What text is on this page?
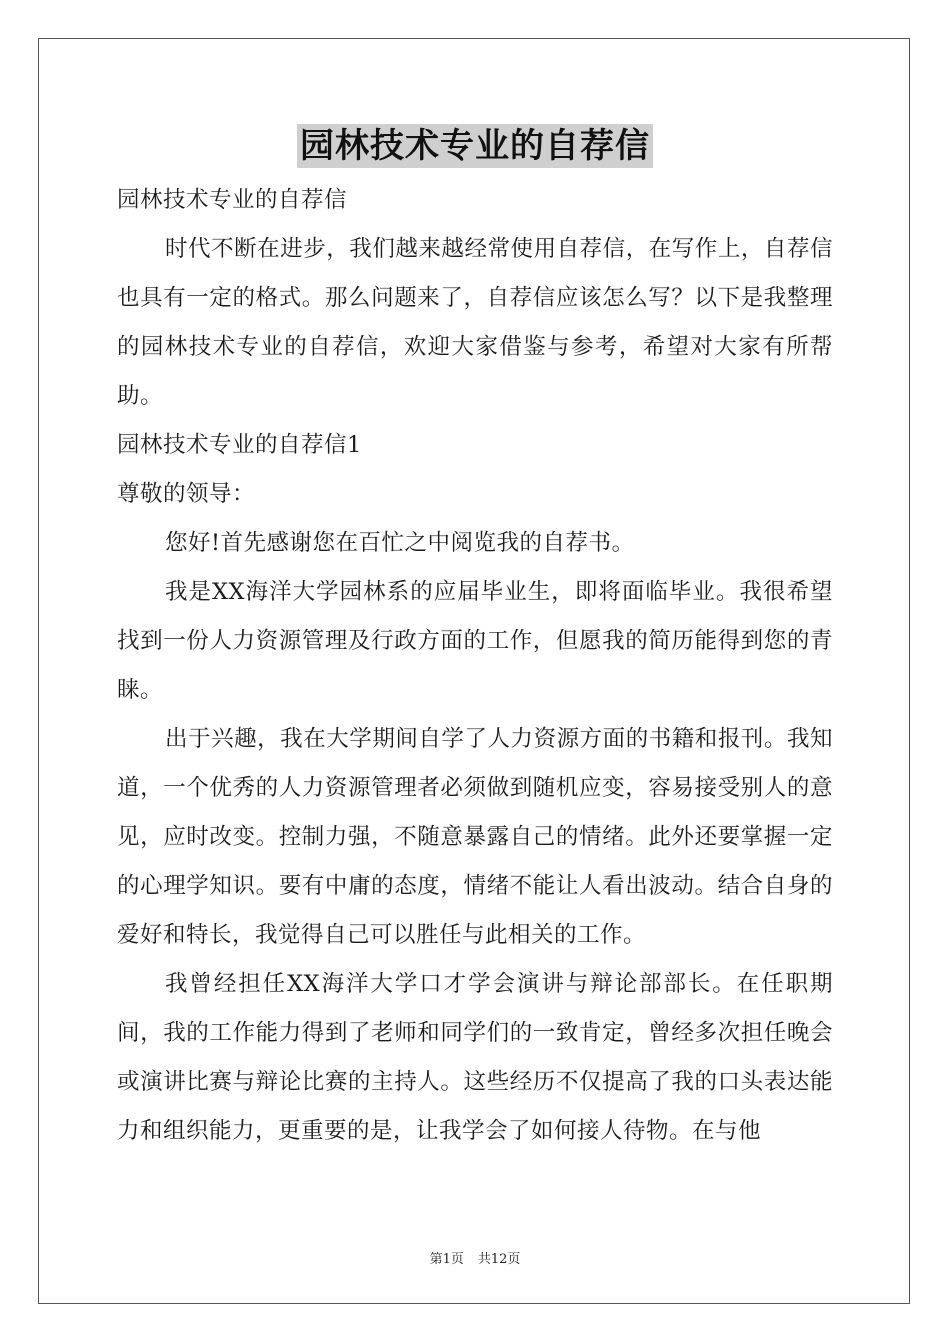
园林技术专业的自荐信

园林技术专业的自荐信

时代不断在进步，我们越来越经常使用自荐信，在写作上，自荐信也具有一定的格式。那么问题来了，自荐信应该怎么写？以下是我整理的园林技术专业的自荐信，欢迎大家借鉴与参考，希望对大家有所帮助。

园林技术专业的自荐信1

尊敬的领导：

您好!首先感谢您在百忙之中阅览我的自荐书。

我是XX海洋大学园林系的应届毕业生，即将面临毕业。我很希望找到一份人力资源管理及行政方面的工作，但愿我的简历能得到您的青睐。

出于兴趣，我在大学期间自学了人力资源方面的书籍和报刊。我知道，一个优秀的人力资源管理者必须做到随机应变，容易接受别人的意见，应时改变。控制力强，不随意暴露自己的情绪。此外还要掌握一定的心理学知识。要有中庸的态度，情绪不能让人看出波动。结合自身的爱好和特长，我觉得自己可以胜任与此相关的工作。

我曾经担任XX海洋大学口才学会演讲与辩论部部长。在任职期间，我的工作能力得到了老师和同学们的一致肯定，曾经多次担任晚会或演讲比赛与辩论比赛的主持人。这些经历不仅提高了我的口头表达能力和组织能力，更重要的是，让我学会了如何接人待物。在与他

第1页 共12页
